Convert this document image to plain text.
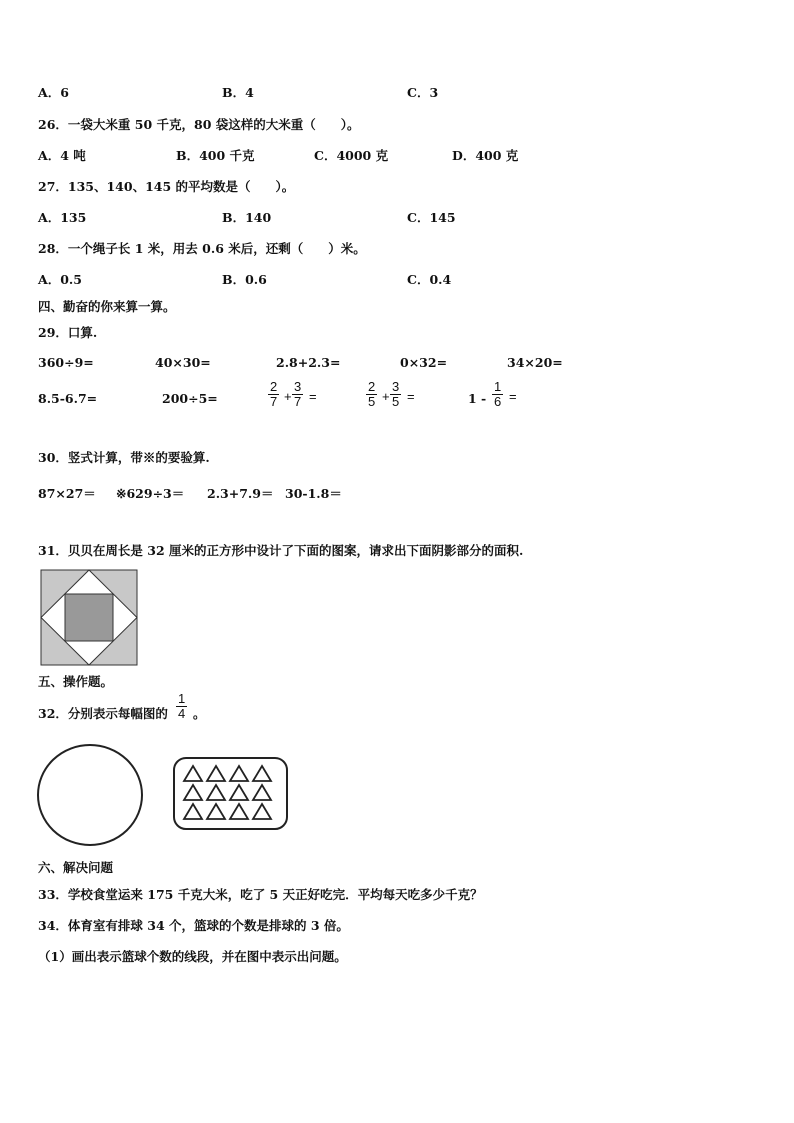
A．6	B．4	C．3
26．一袋大米重 50 千克，80 袋这样的大米重（　　）。
A．4 吨	B．400 千克	C．4000 克	D．400 克
27．135、140、145 的平均数是（　　）。
A．135	B．140	C．145
28．一个绳子长 1 米，用去 0.6 米后，还剩（　　）米。
A．0.5	B．0.6	C．0.4
四、勤奋的你来算一算。
29．口算.
360÷9=	40×30=	2.8+2.3=	0×32=	34×20=
8.5-6.7=	200÷5=	$\frac{2}{7} + \frac{3}{7}$ =	$\frac{2}{5} + \frac{3}{5}$ =	$1 - \frac{1}{6}$ =
30．竖式计算，带※的要验算.
87×27＝ ※629÷3＝ 2.3+7.9＝ 30-1.8＝
31．贝贝在周长是 32 厘米的正方形中设计了下面的图案，请求出下面阴影部分的面积.
五、操作题。
32．分别表示每幅图的 $\frac{1}{4}$ 。
六、解决问题
33．学校食堂运来 175 千克大米，吃了 5 天正好吃完．平均每天吃多少千克？
34．体育室有排球 34 个，篮球的个数是排球的 3 倍。
（1）画出表示篮球个数的线段，并在图中表示出问题。
